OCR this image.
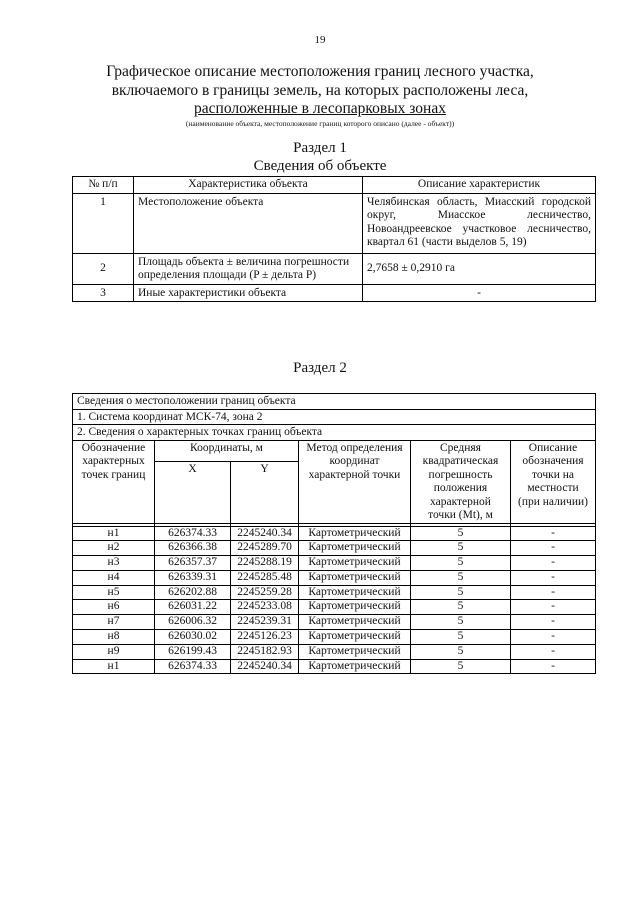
19
Графическое описание местоположения границ лесного участка,
включаемого в границы земель, на которых расположены леса,
расположенные в лесопарковых зонах
(наименование объекта, местоположение границ которого описано (далее - объект))
Раздел 1
Сведения об объекте
№ п/п	Характеристика объекта	Описание характеристик
1	Местоположение объекта	Челябинская область, Миасский городской округ, Миасское лесничество, Новоандреевское участковое лесничество, квартал 61 (части выделов 5, 19)
2	Площадь объекта ± величина погрешности определения площади (P ± дельта P)	2,7658 ± 0,2910 га
3	Иные характеристики объекта	-
Раздел 2
Сведения о местоположении границ объекта					
1. Система координат МСК-74, зона 2					
2. Сведения о характерных точках границ объекта					
Обозначение характерных точек границ	Координаты, м		Метод определения координат характерной точки	Средняя квадратическая погрешность положения характерной точки (Mt), м	Описание обозначения точки на местности (при наличии)
	X	Y			

н1	626374.33	2245240.34	Картометрический	5	-
н2	626366.38	2245289.70	Картометрический	5	-
н3	626357.37	2245288.19	Картометрический	5	-
н4	626339.31	2245285.48	Картометрический	5	-
н5	626202.88	2245259.28	Картометрический	5	-
н6	626031.22	2245233.08	Картометрический	5	-
н7	626006.32	2245239.31	Картометрический	5	-
н8	626030.02	2245126.23	Картометрический	5	-
н9	626199.43	2245182.93	Картометрический	5	-
н1	626374.33	2245240.34	Картометрический	5	-
